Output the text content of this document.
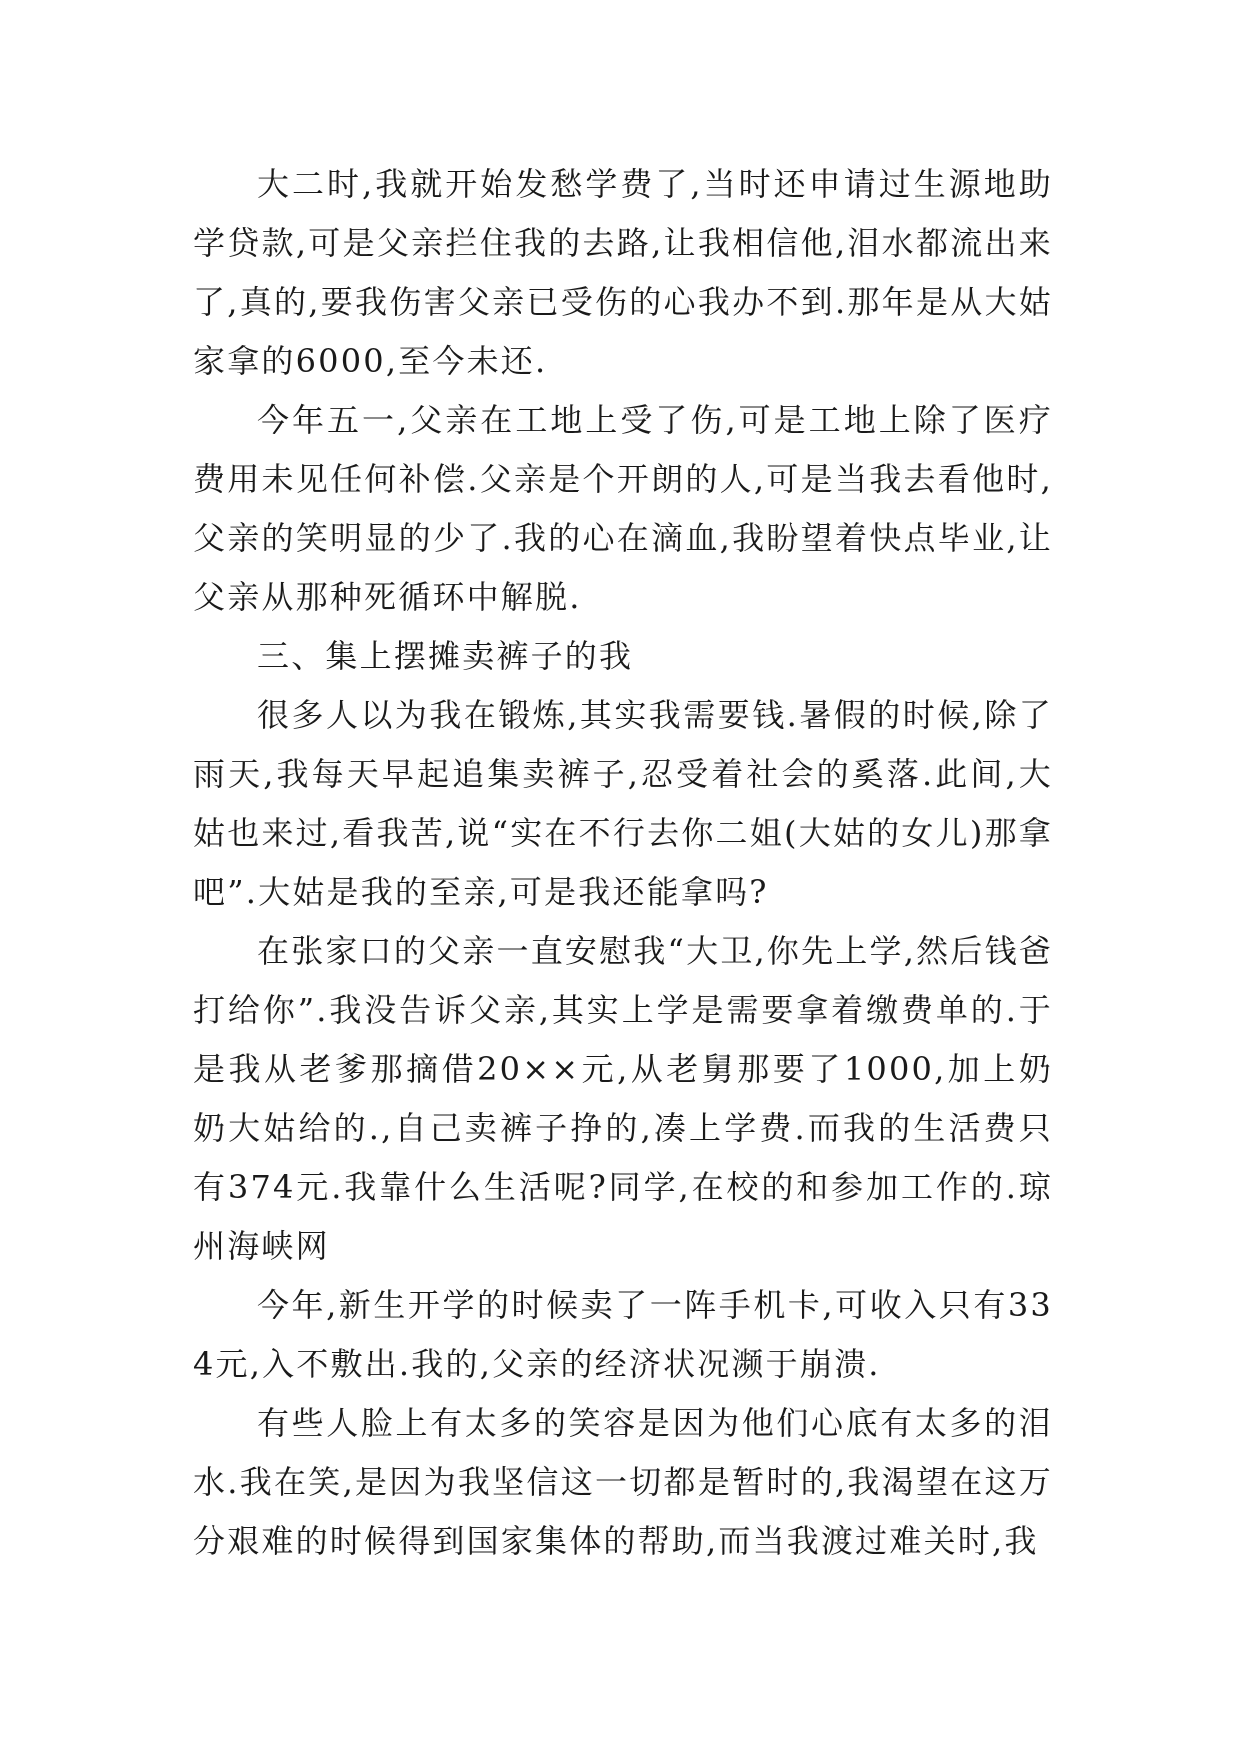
大二时,我就开始发愁学费了,当时还申请过生源地助学贷款,可是父亲拦住我的去路,让我相信他,泪水都流出来了,真的,要我伤害父亲已受伤的心我办不到.那年是从大姑家拿的6000,至今未还.

今年五一,父亲在工地上受了伤,可是工地上除了医疗费用未见任何补偿.父亲是个开朗的人,可是当我去看他时,父亲的笑明显的少了.我的心在滴血,我盼望着快点毕业,让父亲从那种死循环中解脱.

三、集上摆摊卖裤子的我

很多人以为我在锻炼,其实我需要钱.暑假的时候,除了雨天,我每天早起追集卖裤子,忍受着社会的奚落.此间,大姑也来过,看我苦,说“实在不行去你二姐(大姑的女儿)那拿吧”.大姑是我的至亲,可是我还能拿吗?

在张家口的父亲一直安慰我“大卫,你先上学,然后钱爸打给你”.我没告诉父亲,其实上学是需要拿着缴费单的.于是我从老爹那摘借20××元,从老舅那要了1000,加上奶奶大姑给的.,自己卖裤子挣的,凑上学费.而我的生活费只有374元.我靠什么生活呢?同学,在校的和参加工作的.琼州海峡网

今年,新生开学的时候卖了一阵手机卡,可收入只有334元,入不敷出.我的,父亲的经济状况濒于崩溃.

有些人脸上有太多的笑容是因为他们心底有太多的泪水.我在笑,是因为我坚信这一切都是暂时的,我渴望在这万分艰难的时候得到国家集体的帮助,而当我渡过难关时,我
